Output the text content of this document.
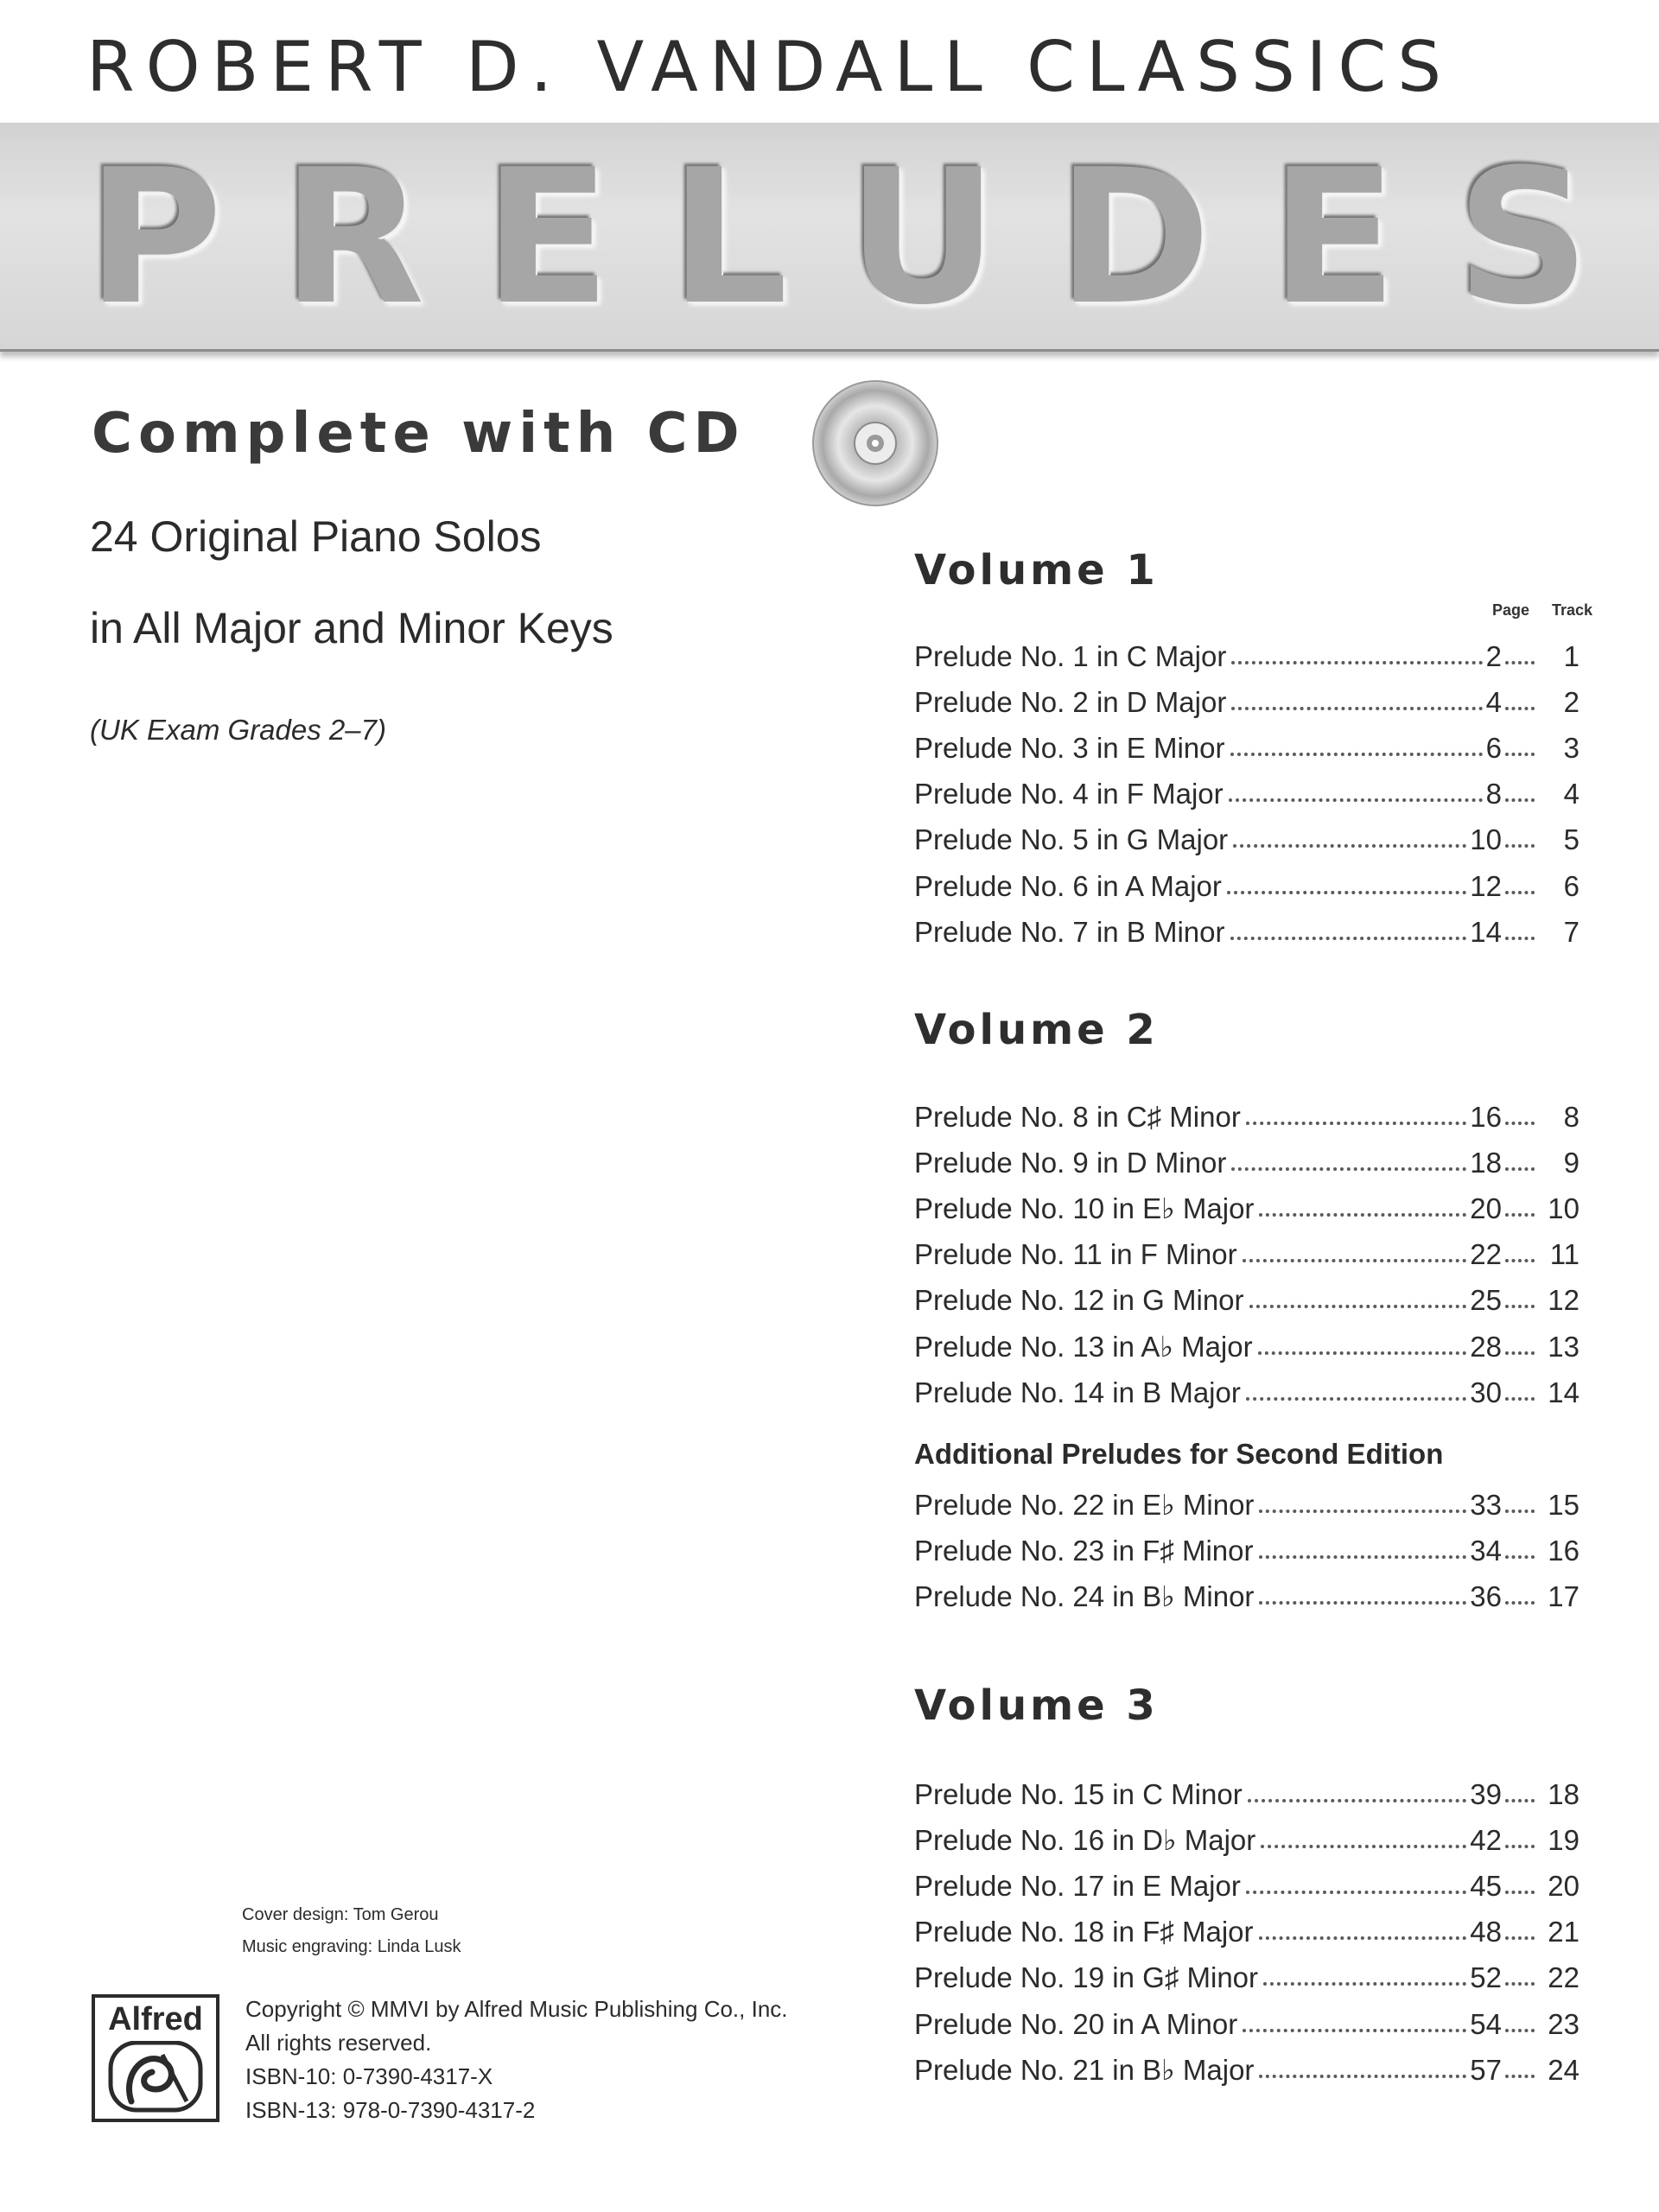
ROBERT D. VANDALL CLASSICS
P R E L U D E S
Complete with CD
24 Original Piano Solos
in All Major and Minor Keys
(UK Exam Grades 2–7)
Volume 1
Page Track
Prelude No. 1 in C Major	2	1
Prelude No. 2 in D Major	4	2
Prelude No. 3 in E Minor	6	3
Prelude No. 4 in F Major	8	4
Prelude No. 5 in G Major	10	5
Prelude No. 6 in A Major	12	6
Prelude No. 7 in B Minor	14	7
Volume 2
Prelude No. 8 in C♯ Minor	16	8
Prelude No. 9 in D Minor	18	9
Prelude No. 10 in E♭ Major	20	10
Prelude No. 11 in F Minor	22	11
Prelude No. 12 in G Minor	25	12
Prelude No. 13 in A♭ Major	28	13
Prelude No. 14 in B Major	30	14
Additional Preludes for Second Edition
Prelude No. 22 in E♭ Minor	33	15
Prelude No. 23 in F♯ Minor	34	16
Prelude No. 24 in B♭ Minor	36	17
Volume 3
Prelude No. 15 in C Minor	39	18
Prelude No. 16 in D♭ Major	42	19
Prelude No. 17 in E Major	45	20
Prelude No. 18 in F♯ Major	48	21
Prelude No. 19 in G♯ Minor	52	22
Prelude No. 20 in A Minor	54	23
Prelude No. 21 in B♭ Major	57	24
Cover design: Tom Gerou
Music engraving: Linda Lusk
Alfred	Copyright © MMVI by Alfred Music Publishing Co., Inc.
All rights reserved.
ISBN-10: 0-7390-4317-X
ISBN-13: 978-0-7390-4317-2
